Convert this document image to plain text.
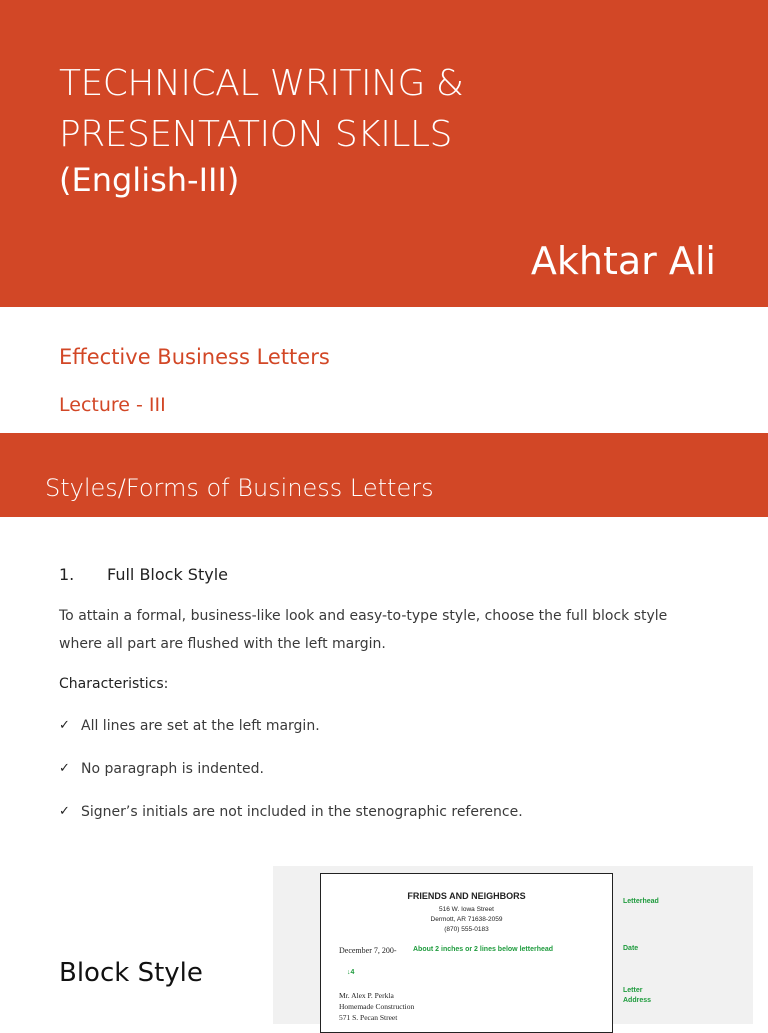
TECHNICAL WRITING &
PRESENTATION SKILLS
(English-III)
Akhtar Ali
Effective Business Letters
Lecture - III
Styles/Forms of Business Letters
1.	Full Block Style
To attain a formal, business-like look and easy-to-type style, choose the full block style where all part are flushed with the left margin.
Characteristics:
✓ All lines are set at the left margin.
✓ No paragraph is indented.
✓ Signer’s initials are not included in the stenographic reference.
Block Style
FRIENDS AND NEIGHBORS
516 W. Iowa Street
Dermott, AR 71638-2059
(870) 555-0183
December 7, 200- About 2 inches or 2 lines below letterhead
↓4
Mr. Alex P. Perkla
Homemade Construction
571 S. Pecan Street
Letterhead
Date
Letter
Address
